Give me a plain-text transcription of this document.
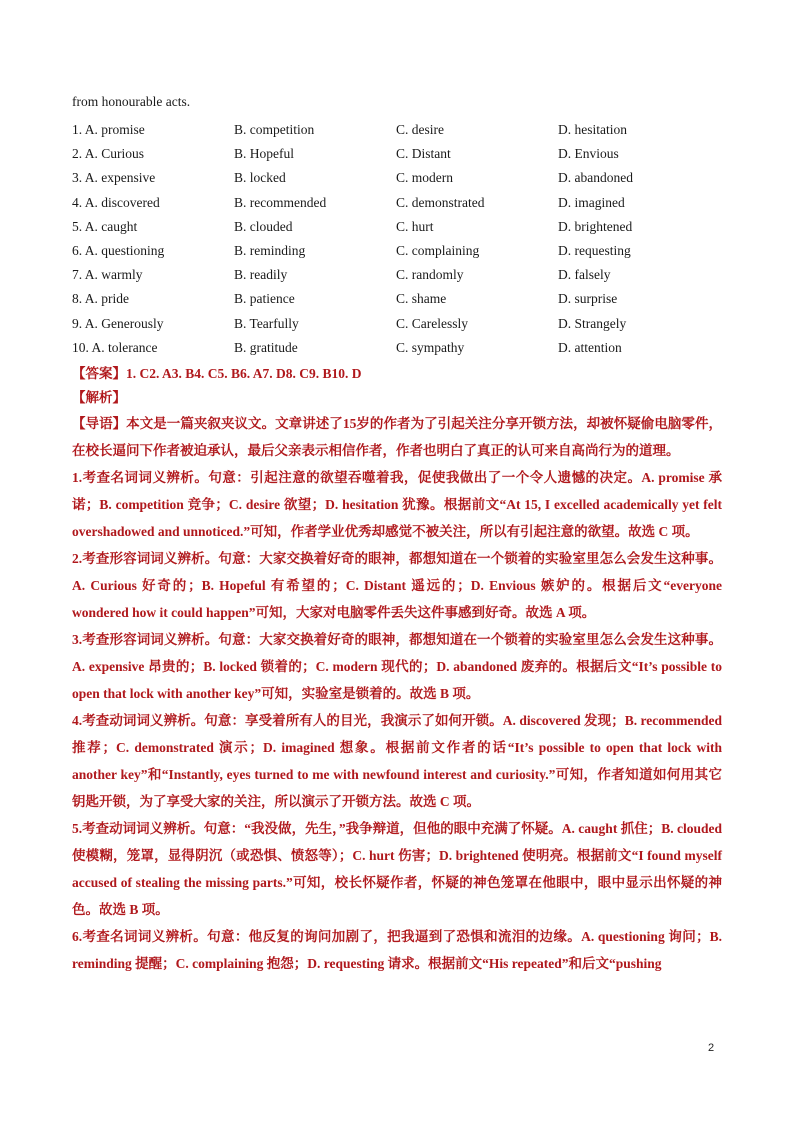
from honourable acts.
1. A. promise	B. competition	C. desire	D. hesitation
2. A. Curious	B. Hopeful	C. Distant	D. Envious
3. A. expensive	B. locked	C. modern	D. abandoned
4. A. discovered	B. recommended	C. demonstrated	D. imagined
5. A. caught	B. clouded	C. hurt	D. brightened
6. A. questioning	B. reminding	C. complaining	D. requesting
7. A. warmly	B. readily	C. randomly	D. falsely
8. A. pride	B. patience	C. shame	D. surprise
9. A. Generously	B. Tearfully	C. Carelessly	D. Strangely
10. A. tolerance	B. gratitude	C. sympathy	D. attention
【答案】1. C2. A3. B4. C5. B6. A7. D8. C9. B10. D
【解析】

【导语】本文是一篇夹叙夹议文。文章讲述了15岁的作者为了引起关注分享开锁方法，却被怀疑偷电脑零件，在校长逼问下作者被迫承认，最后父亲表示相信作者，作者也明白了真正的认可来自高尚行为的道理。

1.考查名词词义辨析。句意：引起注意的欲望吞噬着我，促使我做出了一个令人遗憾的决定。A. promise 承诺；B. competition 竞争；C. desire 欲望；D. hesitation 犹豫。根据前文“At 15, I excelled academically yet felt overshadowed and unnoticed.”可知，作者学业优秀却感觉不被关注，所以有引起注意的欲望。故选 C 项。

2.考查形容词词义辨析。句意：大家交换着好奇的眼神，都想知道在一个锁着的实验室里怎么会发生这种事。A. Curious 好奇的；B. Hopeful 有希望的；C. Distant 遥远的；D. Envious 嫉妒的。根据后文“everyone wondered how it could happen”可知，大家对电脑零件丢失这件事感到好奇。故选 A 项。

3.考查形容词词义辨析。句意：大家交换着好奇的眼神，都想知道在一个锁着的实验室里怎么会发生这种事。A. expensive 昂贵的；B. locked 锁着的；C. modern 现代的；D. abandoned 废弃的。根据后文“It’s possible to open that lock with another key”可知，实验室是锁着的。故选 B 项。

4.考查动词词义辨析。句意：享受着所有人的目光，我演示了如何开锁。A. discovered 发现；B. recommended 推荐；C. demonstrated 演示；D. imagined 想象。根据前文作者的话“It’s possible to open that lock with another key”和“Instantly, eyes turned to me with newfound interest and curiosity.”可知，作者知道如何用其它钥匙开锁，为了享受大家的关注，所以演示了开锁方法。故选 C 项。

5.考查动词词义辨析。句意：“我没做，先生，”我争辩道，但他的眼中充满了怀疑。A. caught 抓住；B. clouded 使模糊，笼罩，显得阴沉（或恐惧、愤怒等）；C. hurt 伤害；D. brightened 使明亮。根据前文“I found myself accused of stealing the missing parts.”可知，校长怀疑作者，怀疑的神色笼罩在他眼中，眼中显示出怀疑的神色。故选 B 项。

6.考查名词词义辨析。句意：他反复的询问加剧了，把我逼到了恐惧和流泪的边缘。A. questioning 询问；B. reminding 提醒；C. complaining 抱怨；D. requesting 请求。根据前文“His repeated”和后文“pushing

2
